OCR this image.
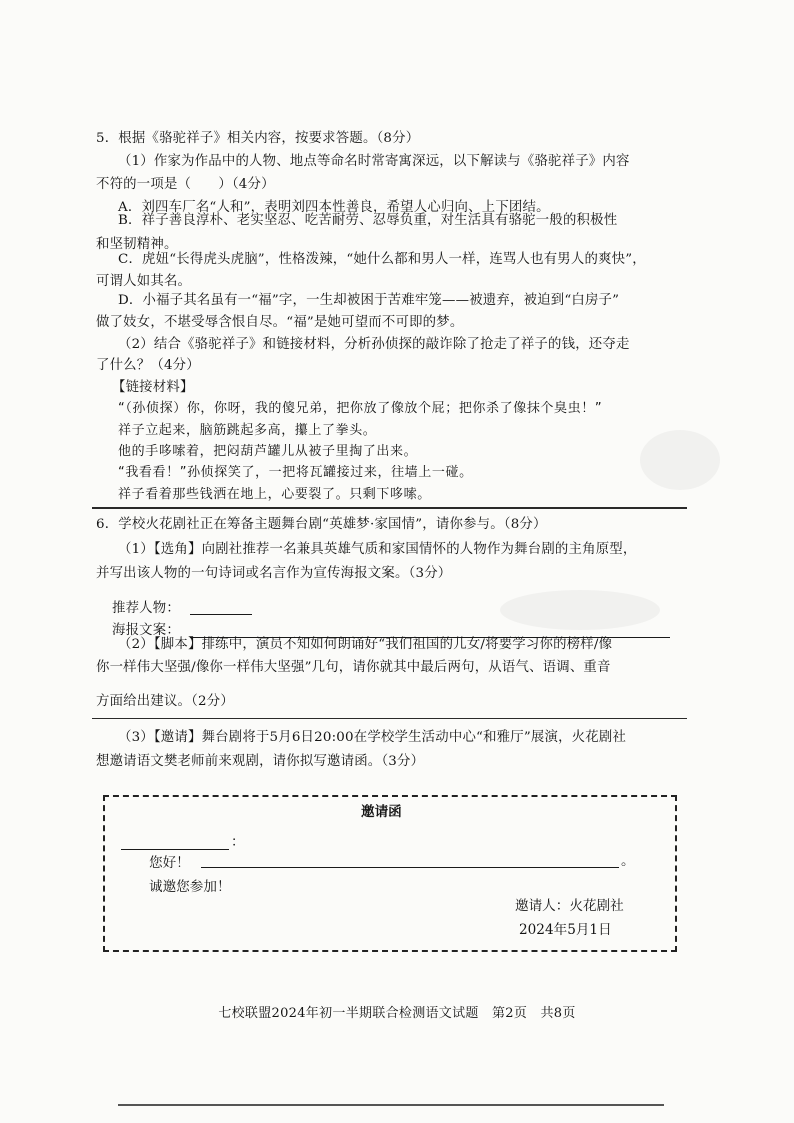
5．根据《骆驼祥子》相关内容，按要求答题。（8分）
（1）作家为作品中的人物、地点等命名时常寄寓深远，以下解读与《骆驼祥子》内容
不符的一项是（　　）（4分）
A．刘四车厂名“人和”，表明刘四本性善良，希望人心归向、上下团结。
B．祥子善良淳朴、老实坚忍、吃苦耐劳、忍辱负重，对生活具有骆驼一般的积极性
和坚韧精神。
C．虎妞“长得虎头虎脑”，性格泼辣，“她什么都和男人一样，连骂人也有男人的爽快”，
可谓人如其名。
D．小福子其名虽有一“福”字，一生却被困于苦难牢笼——被遗弃，被迫到“白房子”
做了妓女，不堪受辱含恨自尽。“福”是她可望而不可即的梦。
（2）结合《骆驼祥子》和链接材料，分析孙侦探的敲诈除了抢走了祥子的钱，还夺走
了什么？（4分）
【链接材料】
“（孙侦探）你，你呀，我的傻兄弟，把你放了像放个屁；把你杀了像抹个臭虫！”
祥子立起来，脑筋跳起多高，攥上了拳头。
他的手哆嗦着，把闷葫芦罐儿从被子里掏了出来。
“我看看！”孙侦探笑了，一把将瓦罐接过来，往墙上一碰。
祥子看着那些钱洒在地上，心要裂了。只剩下哆嗦。
6．学校火花剧社正在筹备主题舞台剧“英雄梦·家国情”，请你参与。（8分）
（1）【选角】向剧社推荐一名兼具英雄气质和家国情怀的人物作为舞台剧的主角原型，
并写出该人物的一句诗词或名言作为宣传海报文案。（3分）
推荐人物：
海报文案：
（2）【脚本】排练中，演员不知如何朗诵好“我们祖国的儿女/将要学习你的榜样/像
你一样伟大坚强/像你一样伟大坚强”几句，请你就其中最后两句，从语气、语调、重音
方面给出建议。（2分）
（3）【邀请】舞台剧将于5月6日20:00在学校学生活动中心“和雅厅”展演，火花剧社
想邀请语文樊老师前来观剧，请你拟写邀请函。（3分）
邀请函
：
您好！	。
诚邀您参加！
邀请人：火花剧社
2024年5月1日
七校联盟2024年初一半期联合检测语文试题　第2页　共8页
